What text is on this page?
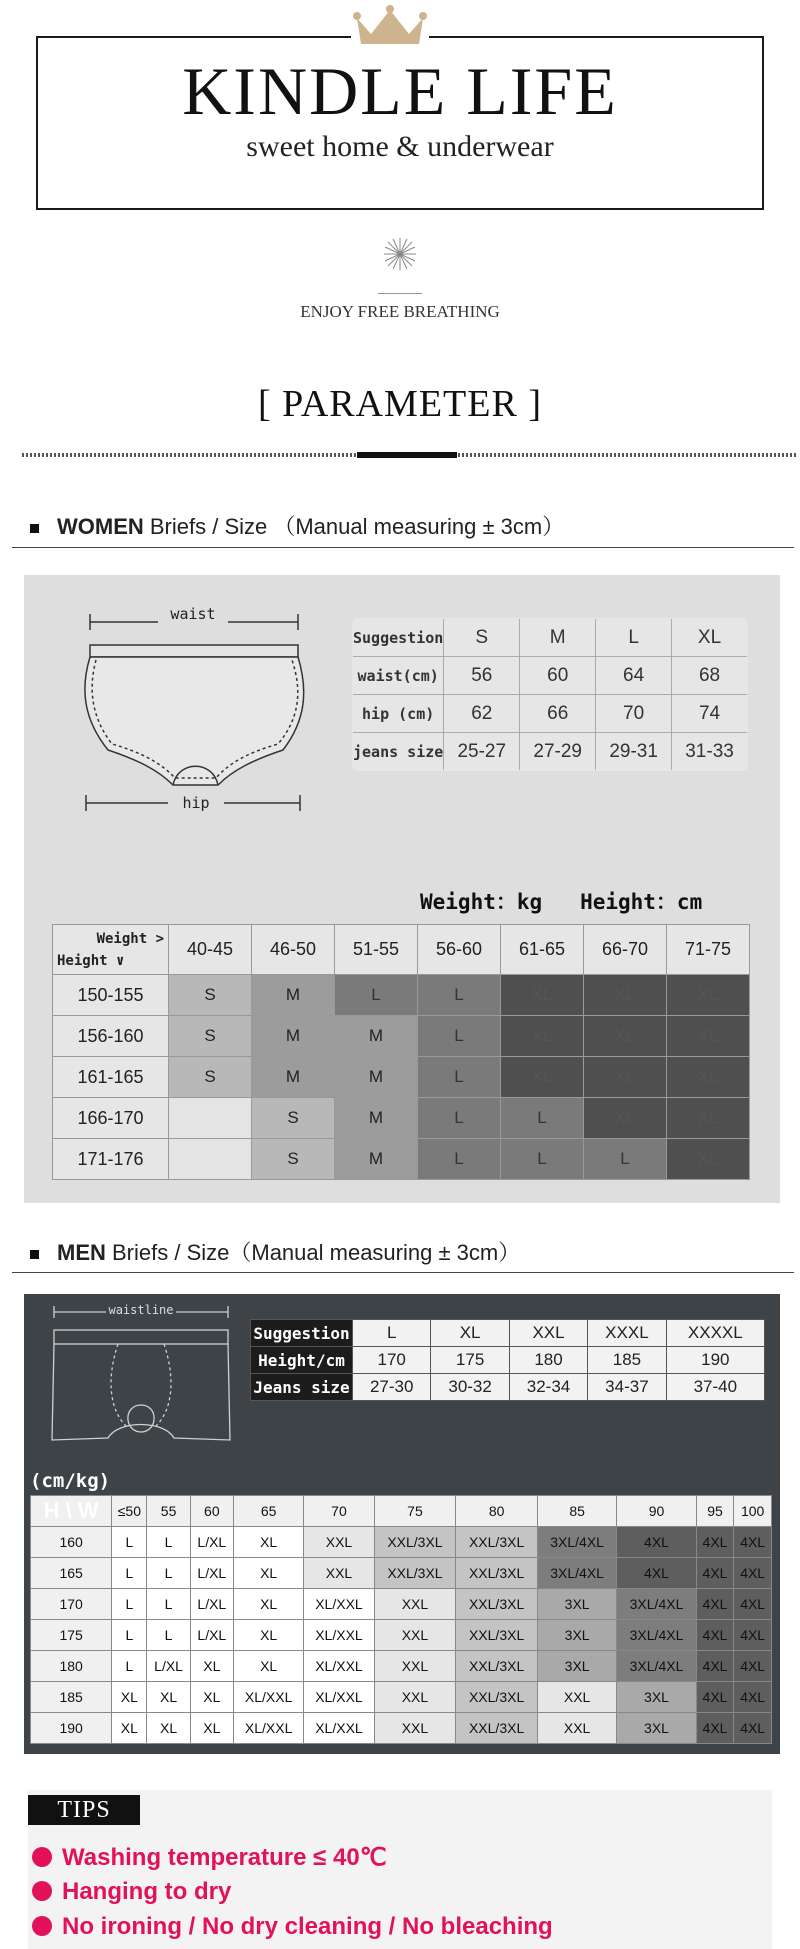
KINDLE LIFE
sweet home & underwear
ENJOY FREE BREATHING
[ PARAMETER ]
WOMEN Briefs / Size （Manual measuring ± 3cm）
waist
hip
Suggestion	S	M	L	XL
waist(cm)	56	60	64	68
hip (cm)	62	66	70	74
jeans size	25-27	27-29	29-31	31-33
Weight：kg   Height：cm
Weight >
Height ∨	40-45	46-50	51-55	56-60	61-65	66-70	71-75
150-155	S	M	L	L	XL	XL	XL
156-160	S	M	M	L	XL	XL	XL
161-165	S	M	M	L	XL	XL	XL
166-170		S	M	L	L	XL	XL
171-176		S	M	L	L	L	XL
MEN Briefs / Size（Manual measuring ± 3cm）
waistline
Suggestion	L	XL	XXL	XXXL	XXXXL
Height/cm	170	175	180	185	190
Jeans size	27-30	30-32	32-34	34-37	37-40
(cm/kg)
H \ W	≤50	55	60	65	70	75	80	85	90	95	100
160	L	L	L/XL	XL	XXL	XXL/3XL	XXL/3XL	3XL/4XL	4XL	4XL	4XL
165	L	L	L/XL	XL	XXL	XXL/3XL	XXL/3XL	3XL/4XL	4XL	4XL	4XL
170	L	L	L/XL	XL	XL/XXL	XXL	XXL/3XL	3XL	3XL/4XL	4XL	4XL
175	L	L	L/XL	XL	XL/XXL	XXL	XXL/3XL	3XL	3XL/4XL	4XL	4XL
180	L	L/XL	XL	XL	XL/XXL	XXL	XXL/3XL	3XL	3XL/4XL	4XL	4XL
185	XL	XL	XL	XL/XXL	XL/XXL	XXL	XXL/3XL	XXL	3XL	4XL	4XL
190	XL	XL	XL	XL/XXL	XL/XXL	XXL	XXL/3XL	XXL	3XL	4XL	4XL
TIPS
Washing temperature ≤ 40℃
Hanging to dry
No ironing / No dry cleaning / No bleaching
